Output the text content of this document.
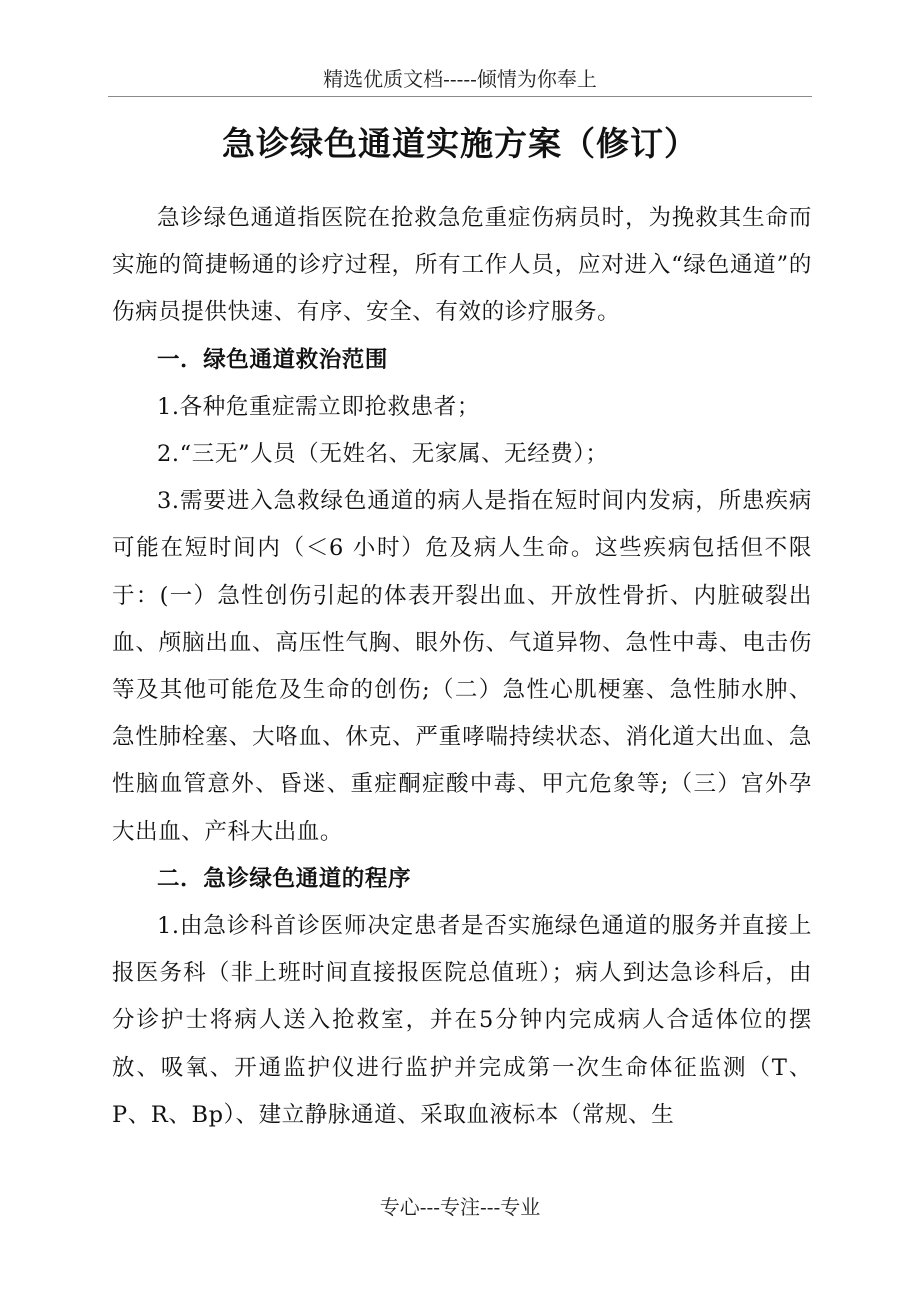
精选优质文档-----倾情为你奉上
急诊绿色通道实施方案（修订）

急诊绿色通道指医院在抢救急危重症伤病员时，为挽救其生命而实施的简捷畅通的诊疗过程，所有工作人员，应对进入“绿色通道”的伤病员提供快速、有序、安全、有效的诊疗服务。

一．绿色通道救治范围

1.各种危重症需立即抢救患者；

2.“三无”人员（无姓名、无家属、无经费）；

3.需要进入急救绿色通道的病人是指在短时间内发病，所患疾病可能在短时间内（＜6 小时）危及病人生命。这些疾病包括但不限于：(一）急性创伤引起的体表开裂出血、开放性骨折、内脏破裂出血、颅脑出血、高压性气胸、眼外伤、气道异物、急性中毒、电击伤等及其他可能危及生命的创伤;（二）急性心肌梗塞、急性肺水肿、急性肺栓塞、大咯血、休克、严重哮喘持续状态、消化道大出血、急性脑血管意外、昏迷、重症酮症酸中毒、甲亢危象等;（三）宫外孕大出血、产科大出血。

二．急诊绿色通道的程序

1.由急诊科首诊医师决定患者是否实施绿色通道的服务并直接上报医务科（非上班时间直接报医院总值班）；病人到达急诊科后，由分诊护士将病人送入抢救室，并在5分钟内完成病人合适体位的摆放、吸氧、开通监护仪进行监护并完成第一次生命体征监测（T、P、R、Bp）、建立静脉通道、采取血液标本（常规、生

专心---专注---专业
